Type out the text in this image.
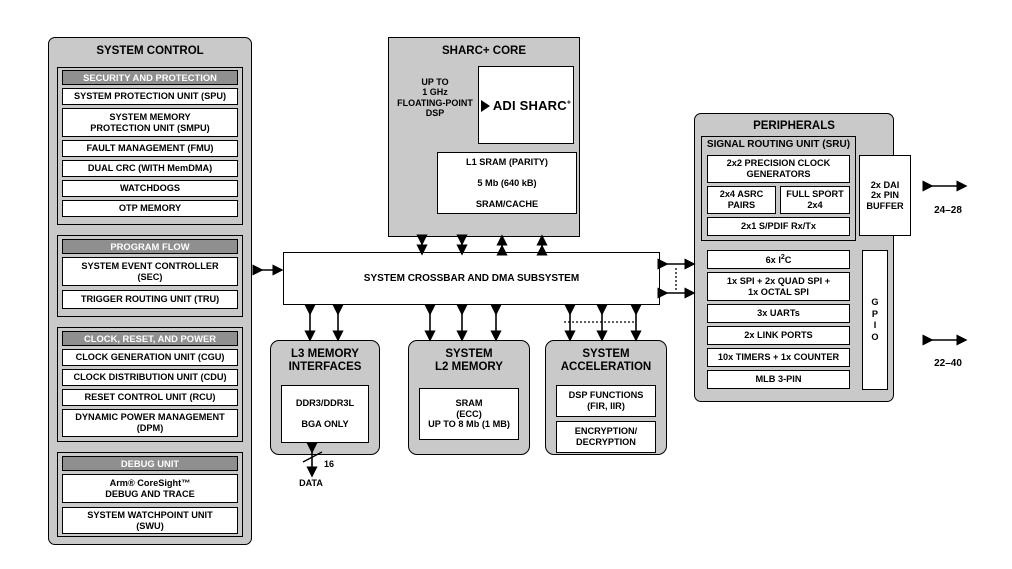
SYSTEM CONTROL
SECURITY AND PROTECTION
SYSTEM PROTECTION UNIT (SPU)
SYSTEM MEMORY
PROTECTION UNIT (SMPU)
FAULT MANAGEMENT (FMU)
DUAL CRC (WITH MemDMA)
WATCHDOGS
OTP MEMORY
PROGRAM FLOW
SYSTEM EVENT CONTROLLER
(SEC)
TRIGGER ROUTING UNIT (TRU)
CLOCK, RESET, AND POWER
CLOCK GENERATION UNIT (CGU)
CLOCK DISTRIBUTION UNIT (CDU)
RESET CONTROL UNIT (RCU)
DYNAMIC POWER MANAGEMENT
(DPM)
DEBUG UNIT
Arm® CoreSight™
DEBUG AND TRACE
SYSTEM WATCHPOINT UNIT
(SWU)
SHARC+ CORE
UP TO
1 GHz
FLOATING-POINT
DSP
ADI SHARC+
L1 SRAM (PARITY)

5 Mb (640 kB)

SRAM/CACHE
SYSTEM CROSSBAR AND DMA SUBSYSTEM
L3 MEMORY
INTERFACES
DDR3/DDR3L

BGA ONLY
16
DATA
SYSTEM
L2 MEMORY
SRAM
(ECC)
UP TO 8 Mb (1 MB)
SYSTEM
ACCELERATION
DSP FUNCTIONS
(FIR, IIR)
ENCRYPTION/
DECRYPTION
PERIPHERALS
SIGNAL ROUTING UNIT (SRU)
2x2 PRECISION CLOCK
GENERATORS
2x4 ASRC
PAIRS
FULL SPORT
2x4
2x1 S/PDIF Rx/Tx
2x DAI
2x PIN
BUFFER
6x $I^2C$
1x SPI + 2x QUAD SPI +
1x OCTAL SPI
3x UARTs
2x LINK PORTS
10x TIMERS + 1x COUNTER
MLB 3-PIN
G
P
I
O
24–28
22–40
